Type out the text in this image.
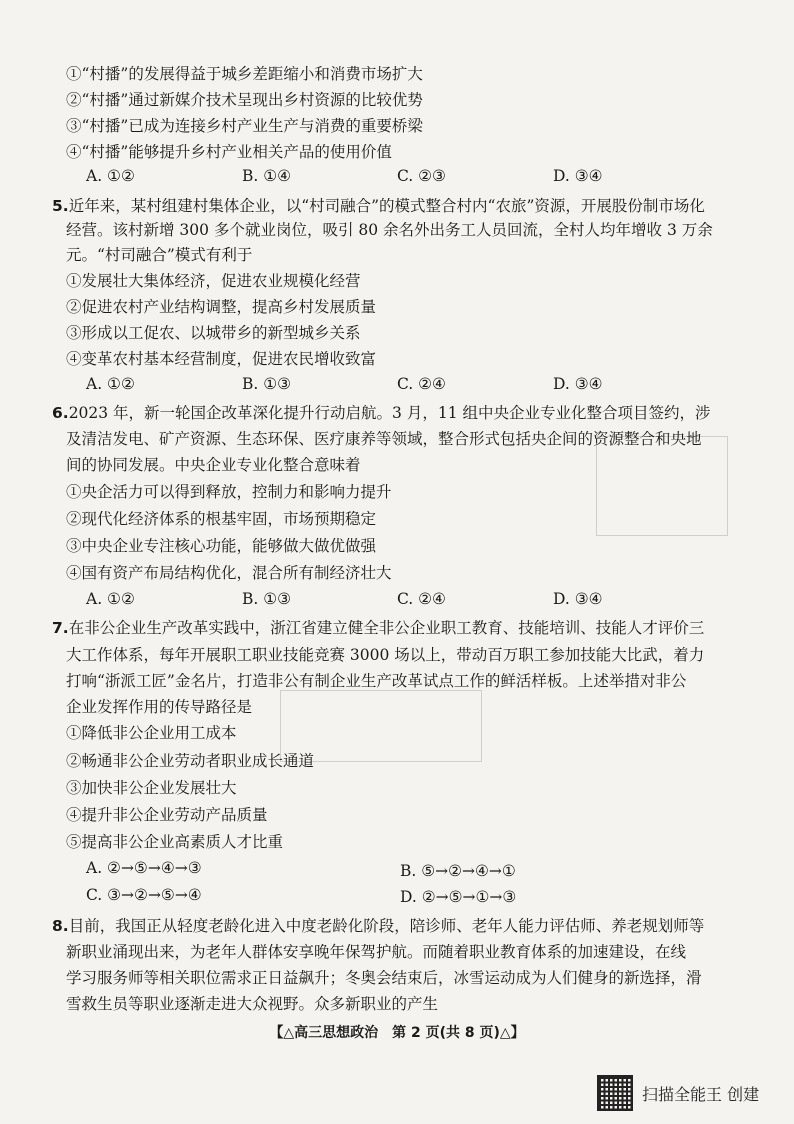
①“村播”的发展得益于城乡差距缩小和消费市场扩大
②“村播”通过新媒介技术呈现出乡村资源的比较优势
③“村播”已成为连接乡村产业生产与消费的重要桥梁
④“村播”能够提升乡村产业相关产品的使用价值
A. ①②	B. ①④	C. ②③	D. ③④
5.近年来，某村组建村集体企业，以“村司融合”的模式整合村内“农旅”资源，开展股份制市场化
经营。该村新增 300 多个就业岗位，吸引 80 余名外出务工人员回流，全村人均年增收 3 万余
元。“村司融合”模式有利于
①发展壮大集体经济，促进农业规模化经营
②促进农村产业结构调整，提高乡村发展质量
③形成以工促农、以城带乡的新型城乡关系
④变革农村基本经营制度，促进农民增收致富
A. ①②	B. ①③	C. ②④	D. ③④
6.2023 年，新一轮国企改革深化提升行动启航。3 月，11 组中央企业专业化整合项目签约，涉
及清洁发电、矿产资源、生态环保、医疗康养等领域，整合形式包括央企间的资源整合和央地
间的协同发展。中央企业专业化整合意味着
①央企活力可以得到释放，控制力和影响力提升
②现代化经济体系的根基牢固，市场预期稳定
③中央企业专注核心功能，能够做大做优做强
④国有资产布局结构优化，混合所有制经济壮大
A. ①②	B. ①③	C. ②④	D. ③④
7.在非公企业生产改革实践中，浙江省建立健全非公企业职工教育、技能培训、技能人才评价三
大工作体系，每年开展职工职业技能竞赛 3000 场以上，带动百万职工参加技能大比武，着力
打响“浙派工匠”金名片，打造非公有制企业生产改革试点工作的鲜活样板。上述举措对非公
企业发挥作用的传导路径是
①降低非公企业用工成本
②畅通非公企业劳动者职业成长通道
③加快非公企业发展壮大
④提升非公企业劳动产品质量
⑤提高非公企业高素质人才比重
A. ②→⑤→④→③	B. ⑤→②→④→①
C. ③→②→⑤→④	D. ②→⑤→①→③
8.目前，我国正从轻度老龄化进入中度老龄化阶段，陪诊师、老年人能力评估师、养老规划师等
新职业涌现出来，为老年人群体安享晚年保驾护航。而随着职业教育体系的加速建设，在线
学习服务师等相关职位需求正日益飙升；冬奥会结束后，冰雪运动成为人们健身的新选择，滑
雪救生员等职业逐渐走进大众视野。众多新职业的产生
【△高三思想政治　第 2 页(共 8 页)△】
扫描全能王 创建
